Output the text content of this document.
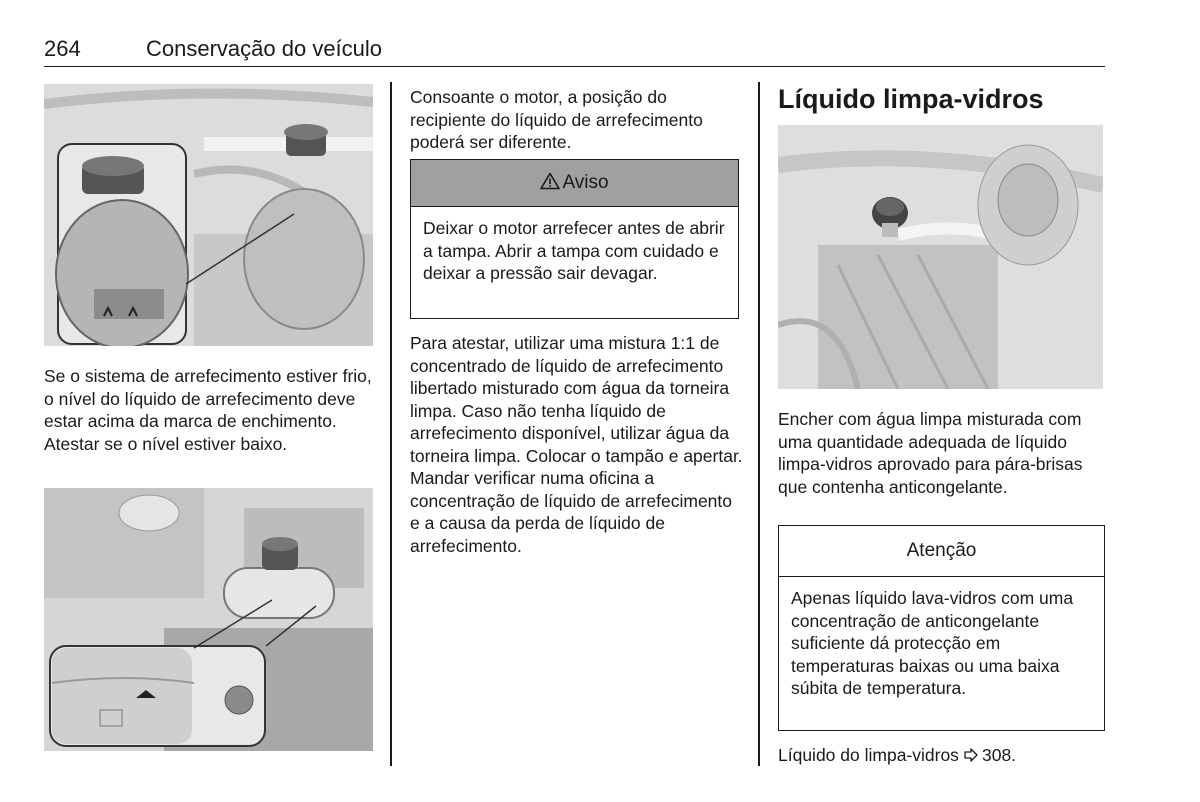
264	Conservação do veículo

Se o sistema de arrefecimento estiver frio, o nível do líquido de arrefecimento deve estar acima da marca de enchimento. Atestar se o nível estiver baixo.

Consoante o motor, a posição do recipiente do líquido de arrefecimento poderá ser diferente.

Aviso
Deixar o motor arrefecer antes de abrir a tampa. Abrir a tampa com cuidado e deixar a pressão sair devagar.

Para atestar, utilizar uma mistura 1:1 de concentrado de líquido de arrefecimento libertado misturado com água da torneira limpa. Caso não tenha líquido de arrefecimento disponível, utilizar água da torneira limpa. Colocar o tampão e apertar. Mandar verificar numa oficina a concentração de líquido de arrefecimento e a causa da perda de líquido de arrefecimento.

Líquido limpa-vidros

Encher com água limpa misturada com uma quantidade adequada de líquido limpa-vidros aprovado para pára-brisas que contenha anticongelante.

Atenção
Apenas líquido lava-vidros com uma concentração de anticongelante suficiente dá protecção em temperaturas baixas ou uma baixa súbita de temperatura.

Líquido do limpa-vidros 308.
